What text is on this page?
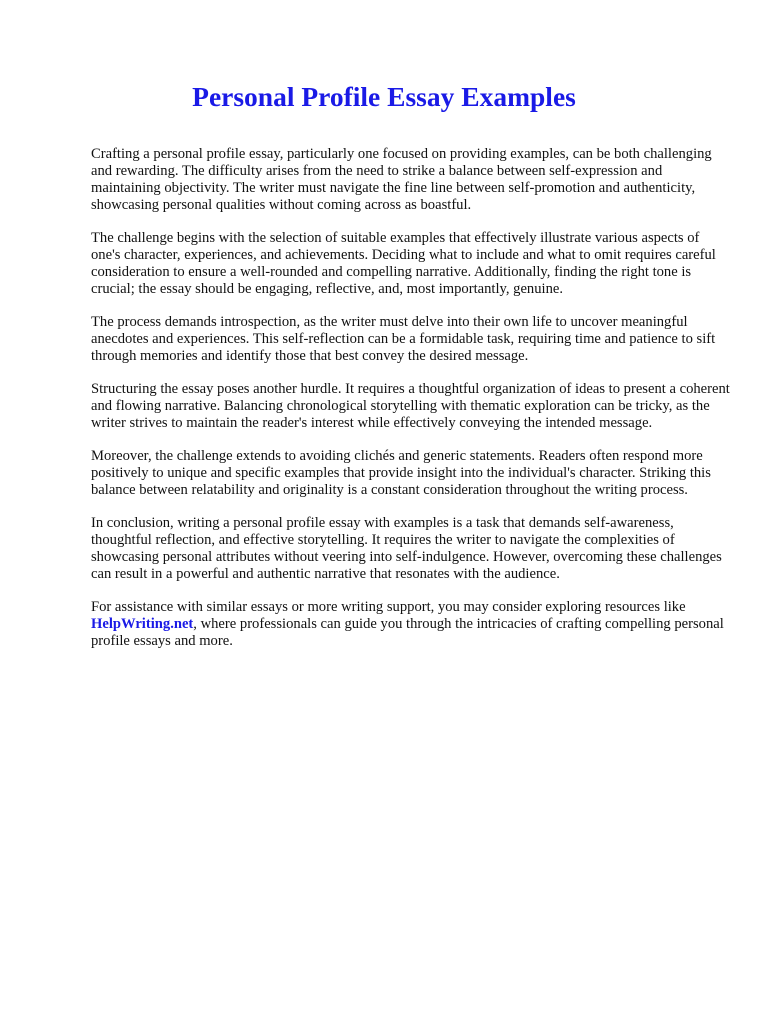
Personal Profile Essay Examples

Crafting a personal profile essay, particularly one focused on providing examples, can be both challenging and rewarding. The difficulty arises from the need to strike a balance between self-expression and maintaining objectivity. The writer must navigate the fine line between self-promotion and authenticity, showcasing personal qualities without coming across as boastful.

The challenge begins with the selection of suitable examples that effectively illustrate various aspects of one's character, experiences, and achievements. Deciding what to include and what to omit requires careful consideration to ensure a well-rounded and compelling narrative. Additionally, finding the right tone is crucial; the essay should be engaging, reflective, and, most importantly, genuine.

The process demands introspection, as the writer must delve into their own life to uncover meaningful anecdotes and experiences. This self-reflection can be a formidable task, requiring time and patience to sift through memories and identify those that best convey the desired message.

Structuring the essay poses another hurdle. It requires a thoughtful organization of ideas to present a coherent and flowing narrative. Balancing chronological storytelling with thematic exploration can be tricky, as the writer strives to maintain the reader's interest while effectively conveying the intended message.

Moreover, the challenge extends to avoiding clichés and generic statements. Readers often respond more positively to unique and specific examples that provide insight into the individual's character. Striking this balance between relatability and originality is a constant consideration throughout the writing process.

In conclusion, writing a personal profile essay with examples is a task that demands self-awareness, thoughtful reflection, and effective storytelling. It requires the writer to navigate the complexities of showcasing personal attributes without veering into self-indulgence. However, overcoming these challenges can result in a powerful and authentic narrative that resonates with the audience.

For assistance with similar essays or more writing support, you may consider exploring resources like HelpWriting.net, where professionals can guide you through the intricacies of crafting compelling personal profile essays and more.
